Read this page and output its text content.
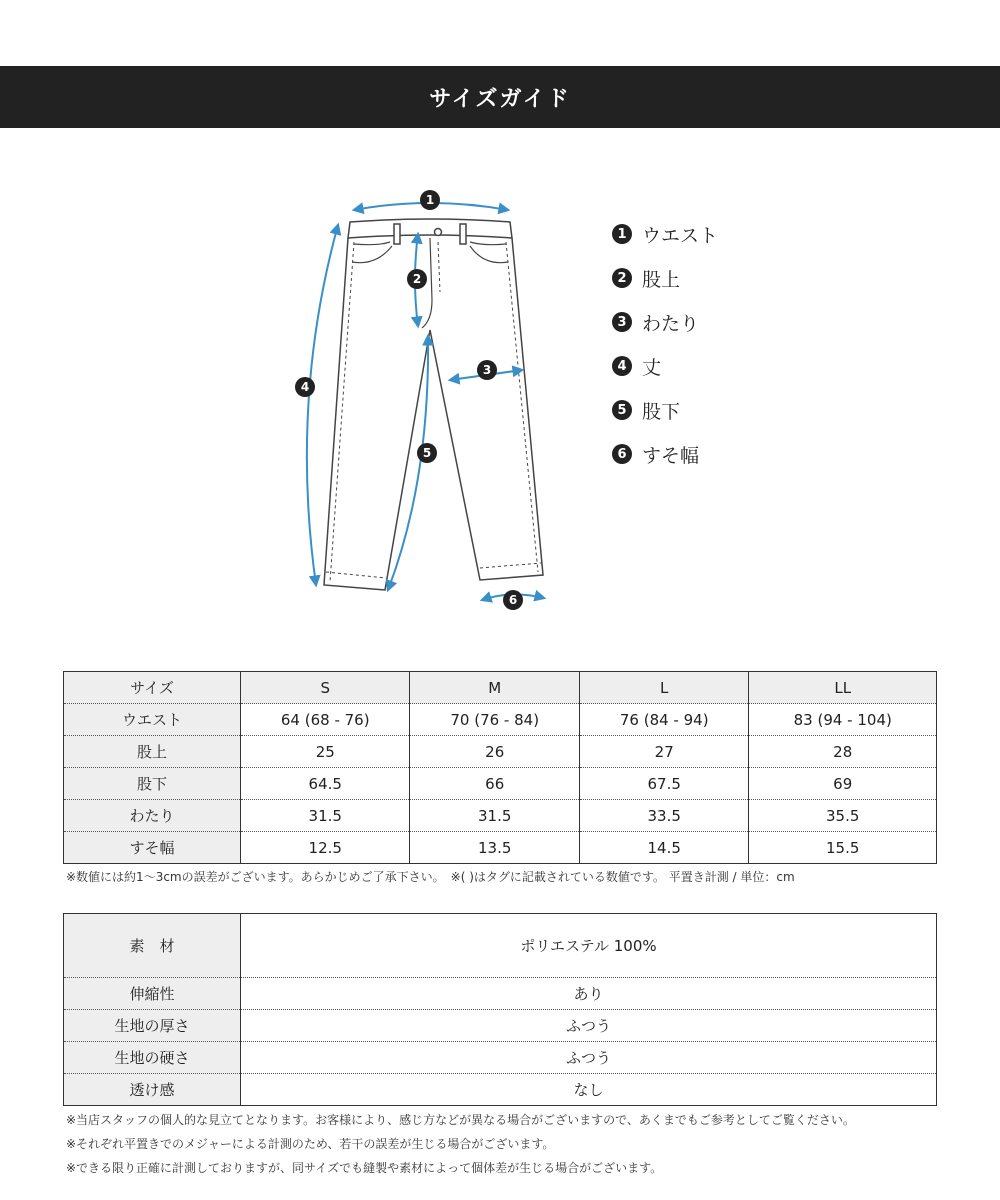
サイズガイド
1
2
3
4
5
6
1 ウエスト
2 股上
3 わたり
4 丈
5 股下
6 すそ幅
サイズ	S	M	L	LL
ウエスト	64 (68 - 76)	70 (76 - 84)	76 (84 - 94)	83 (94 - 104)
股上	25	26	27	28
股下	64.5	66	67.5	69
わたり	31.5	31.5	33.5	35.5
すそ幅	12.5	13.5	14.5	15.5
※数値には約1〜3cmの誤差がございます。あらかじめご了承下さい。　※( )はタグに記載されている数値です。 平置き計測 / 単位：cm
素　材	ポリエステル 100%
伸縮性	あり
生地の厚さ	ふつう
生地の硬さ	ふつう
透け感	なし
※当店スタッフの個人的な見立てとなります。お客様により、感じ方などが異なる場合がございますので、あくまでもご参考としてご覧ください。
※それぞれ平置きでのメジャーによる計測のため、若干の誤差が生じる場合がございます。
※できる限り正確に計測しておりますが、同サイズでも縫製や素材によって個体差が生じる場合がございます。
